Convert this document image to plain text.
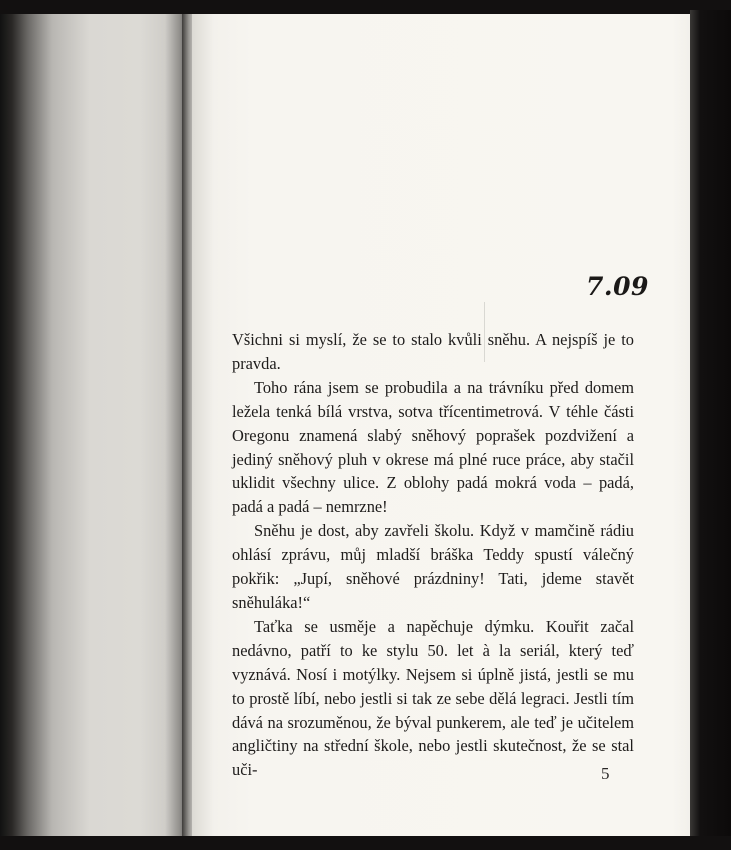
7.09

Všichni si myslí, že se to stalo kvůli sněhu. A nejspíš je to pravda.

Toho rána jsem se probudila a na trávníku před domem ležela tenká bílá vrstva, sotva třícentimetrová. V téhle části Oregonu znamená slabý sněhový poprašek pozdvižení a jediný sněhový pluh v okrese má plné ruce práce, aby stačil uklidit všechny ulice. Z oblohy padá mokrá voda – padá, padá a padá – nemrzne!

Sněhu je dost, aby zavřeli školu. Když v mamčině rádiu ohlásí zprávu, můj mladší bráška Teddy spustí válečný pokřik: „Jupí, sněhové prázdniny! Tati, jdeme stavět sněhuláka!“

Taťka se usměje a napěchuje dýmku. Kouřit začal nedávno, patří to ke stylu 50. let à la seriál, který teď vyznává. Nosí i motýlky. Nejsem si úplně jistá, jestli se mu to prostě líbí, nebo jestli si tak ze sebe dělá legraci. Jestli tím dává na srozuměnou, že býval punkerem, ale teď je učitelem angličtiny na střední škole, nebo jestli skutečnost, že se stal uči-	5
